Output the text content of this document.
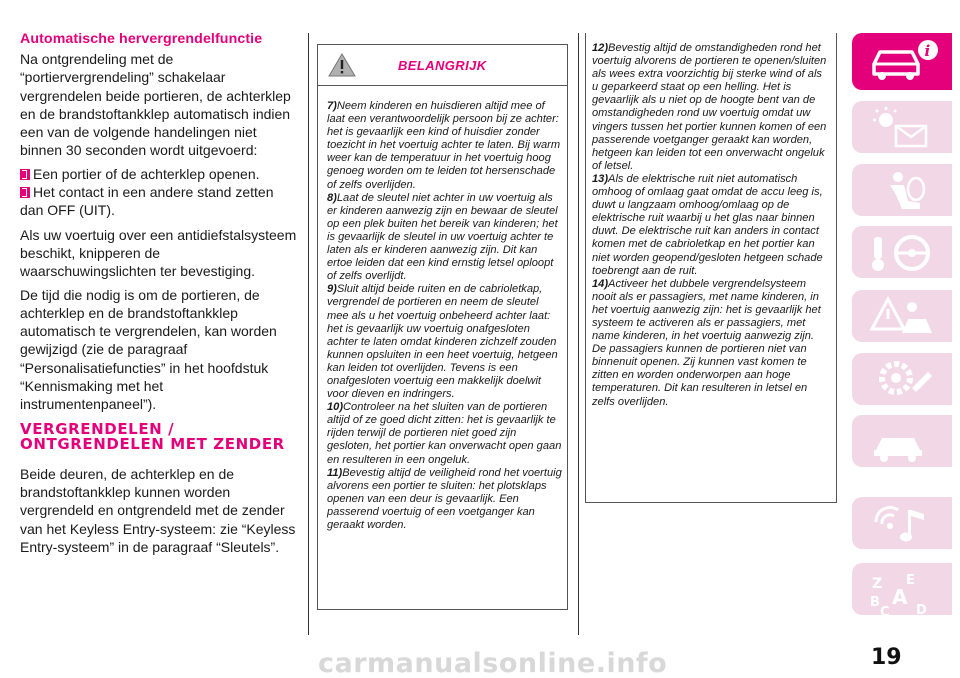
Automatische hervergrendelfunctie
Na ontgrendeling met de “portiervergrendeling” schakelaar vergrendelen beide portieren, de achterklep en de brandstoftankklep automatisch indien een van de volgende handelingen niet binnen 30 seconden wordt uitgevoerd:
Een portier of de achterklep openen.
Het contact in een andere stand zetten dan OFF (UIT).
Als uw voertuig over een antidiefstalsysteem beschikt, knipperen de waarschuwingslichten ter bevestiging.
De tijd die nodig is om de portieren, de achterklep en de brandstoftankklep automatisch te vergrendelen, kan worden gewijzigd (zie de paragraaf “Personalisatiefuncties” in het hoofdstuk “Kennismaking met het instrumentenpaneel”).
VERGRENDELEN / ONTGRENDELEN MET ZENDER
Beide deuren, de achterklep en de brandstoftankklep kunnen worden vergrendeld en ontgrendeld met de zender van het Keyless Entry-systeem: zie “Keyless Entry-systeem” in de paragraaf “Sleutels”.
BELANGRIJK

7)Neem kinderen en huisdieren altijd mee of laat een verantwoordelijk persoon bij ze achter: het is gevaarlijk een kind of huisdier zonder toezicht in het voertuig achter te laten. Bij warm weer kan de temperatuur in het voertuig hoog genoeg worden om te leiden tot hersenschade of zelfs overlijden.

8)Laat de sleutel niet achter in uw voertuig als er kinderen aanwezig zijn en bewaar de sleutel op een plek buiten het bereik van kinderen; het is gevaarlijk de sleutel in uw voertuig achter te laten als er kinderen aanwezig zijn. Dit kan ertoe leiden dat een kind ernstig letsel oploopt of zelfs overlijdt.

9)Sluit altijd beide ruiten en de cabrioletkap, vergrendel de portieren en neem de sleutel mee als u het voertuig onbeheerd achter laat: het is gevaarlijk uw voertuig onafgesloten achter te laten omdat kinderen zichzelf zouden kunnen opsluiten in een heet voertuig, hetgeen kan leiden tot overlijden. Tevens is een onafgesloten voertuig een makkelijk doelwit voor dieven en indringers.

10)Controleer na het sluiten van de portieren altijd of ze goed dicht zitten: het is gevaarlijk te rijden terwijl de portieren niet goed zijn gesloten, het portier kan onverwacht open gaan en resulteren in een ongeluk.

11)Bevestig altijd de veiligheid rond het voertuig alvorens een portier te sluiten: het plotsklaps openen van een deur is gevaarlijk. Een passerend voertuig of een voetganger kan geraakt worden.

12)Bevestig altijd de omstandigheden rond het voertuig alvorens de portieren te openen/sluiten als wees extra voorzichtig bij sterke wind of als u geparkeerd staat op een helling. Het is gevaarlijk als u niet op de hoogte bent van de omstandigheden rond uw voertuig omdat uw vingers tussen het portier kunnen komen of een passerende voetganger geraakt kan worden, hetgeen kan leiden tot een onverwacht ongeluk of letsel.

13)Als de elektrische ruit niet automatisch omhoog of omlaag gaat omdat de accu leeg is, duwt u langzaam omhoog/omlaag op de elektrische ruit waarbij u het glas naar binnen duwt. De elektrische ruit kan anders in contact komen met de cabrioletkap en het portier kan niet worden geopend/gesloten hetgeen schade toebrengt aan de ruit.

14)Activeer het dubbele vergrendelsysteem nooit als er passagiers, met name kinderen, in het voertuig aanwezig zijn: het is gevaarlijk het systeem te activeren als er passagiers, met name kinderen, in het voertuig aanwezig zijn. De passagiers kunnen de portieren niet van binnenuit openen. Zij kunnen vast komen te zitten en worden onderworpen aan hoge temperaturen. Dit kan resulteren in letsel en zelfs overlijden.

i
Z E
A
B
C D
carmanualsonline.info	19
